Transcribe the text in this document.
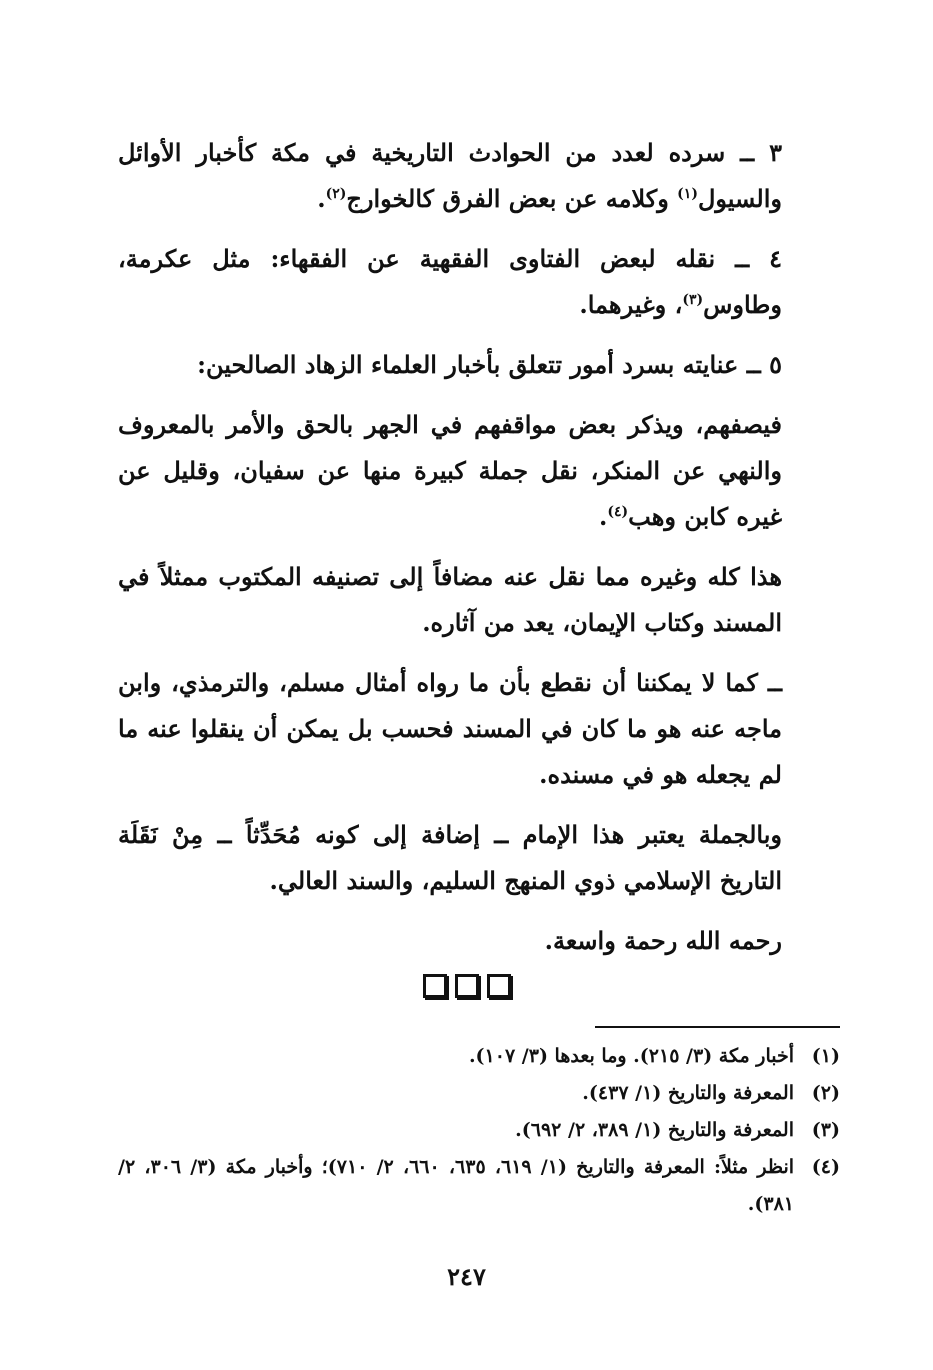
٣ ــ سرده لعدد من الحوادث التاريخية في مكة كأخبار الأوائل والسيول$^{(١)}$ وكلامه عن بعض الفرق كالخوارج$^{(٢)}$.

٤ ــ نقله لبعض الفتاوى الفقهية عن الفقهاء: مثل عكرمة، وطاوس$^{(٣)}$، وغيرهما.

٥ ــ عنايته بسرد أمور تتعلق بأخبار العلماء الزهاد الصالحين:

فيصفهم، ويذكر بعض مواقفهم في الجهر بالحق والأمر بالمعروف والنهي عن المنكر، نقل جملة كبيرة منها عن سفيان، وقليل عن غيره كابن وهب$^{(٤)}$.

هذا كله وغيره مما نقل عنه مضافاً إلى تصنيفه المكتوب ممثلاً في المسند وكتاب الإيمان، يعد من آثاره.

ــ كما لا يمكننا أن نقطع بأن ما رواه أمثال مسلم، والترمذي، وابن ماجه عنه هو ما كان في المسند فحسب بل يمكن أن ينقلوا عنه ما لم يجعله هو في مسنده.

وبالجملة يعتبر هذا الإمام ــ إضافة إلى كونه مُحَدِّثاً ــ مِنْ نَقَلَة التاريخ الإسلامي ذوي المنهج السليم، والسند العالي.

رحمه الله رحمة واسعة.

(١)
أخبار مكة (٣/ ٢١٥). وما بعدها (٣/ ١٠٧).
(٢)
المعرفة والتاريخ (١/ ٤٣٧).
(٣)
المعرفة والتاريخ (١/ ٣٨٩، ٢/ ٦٩٢).
(٤)
انظر مثلاً: المعرفة والتاريخ (١/ ٦١٩، ٦٣٥، ٦٦٠، ٢/ ٧١٠)؛ وأخبار مكة (٣/ ٣٠٦، ٢/ ٣٨١).
٢٤٧
